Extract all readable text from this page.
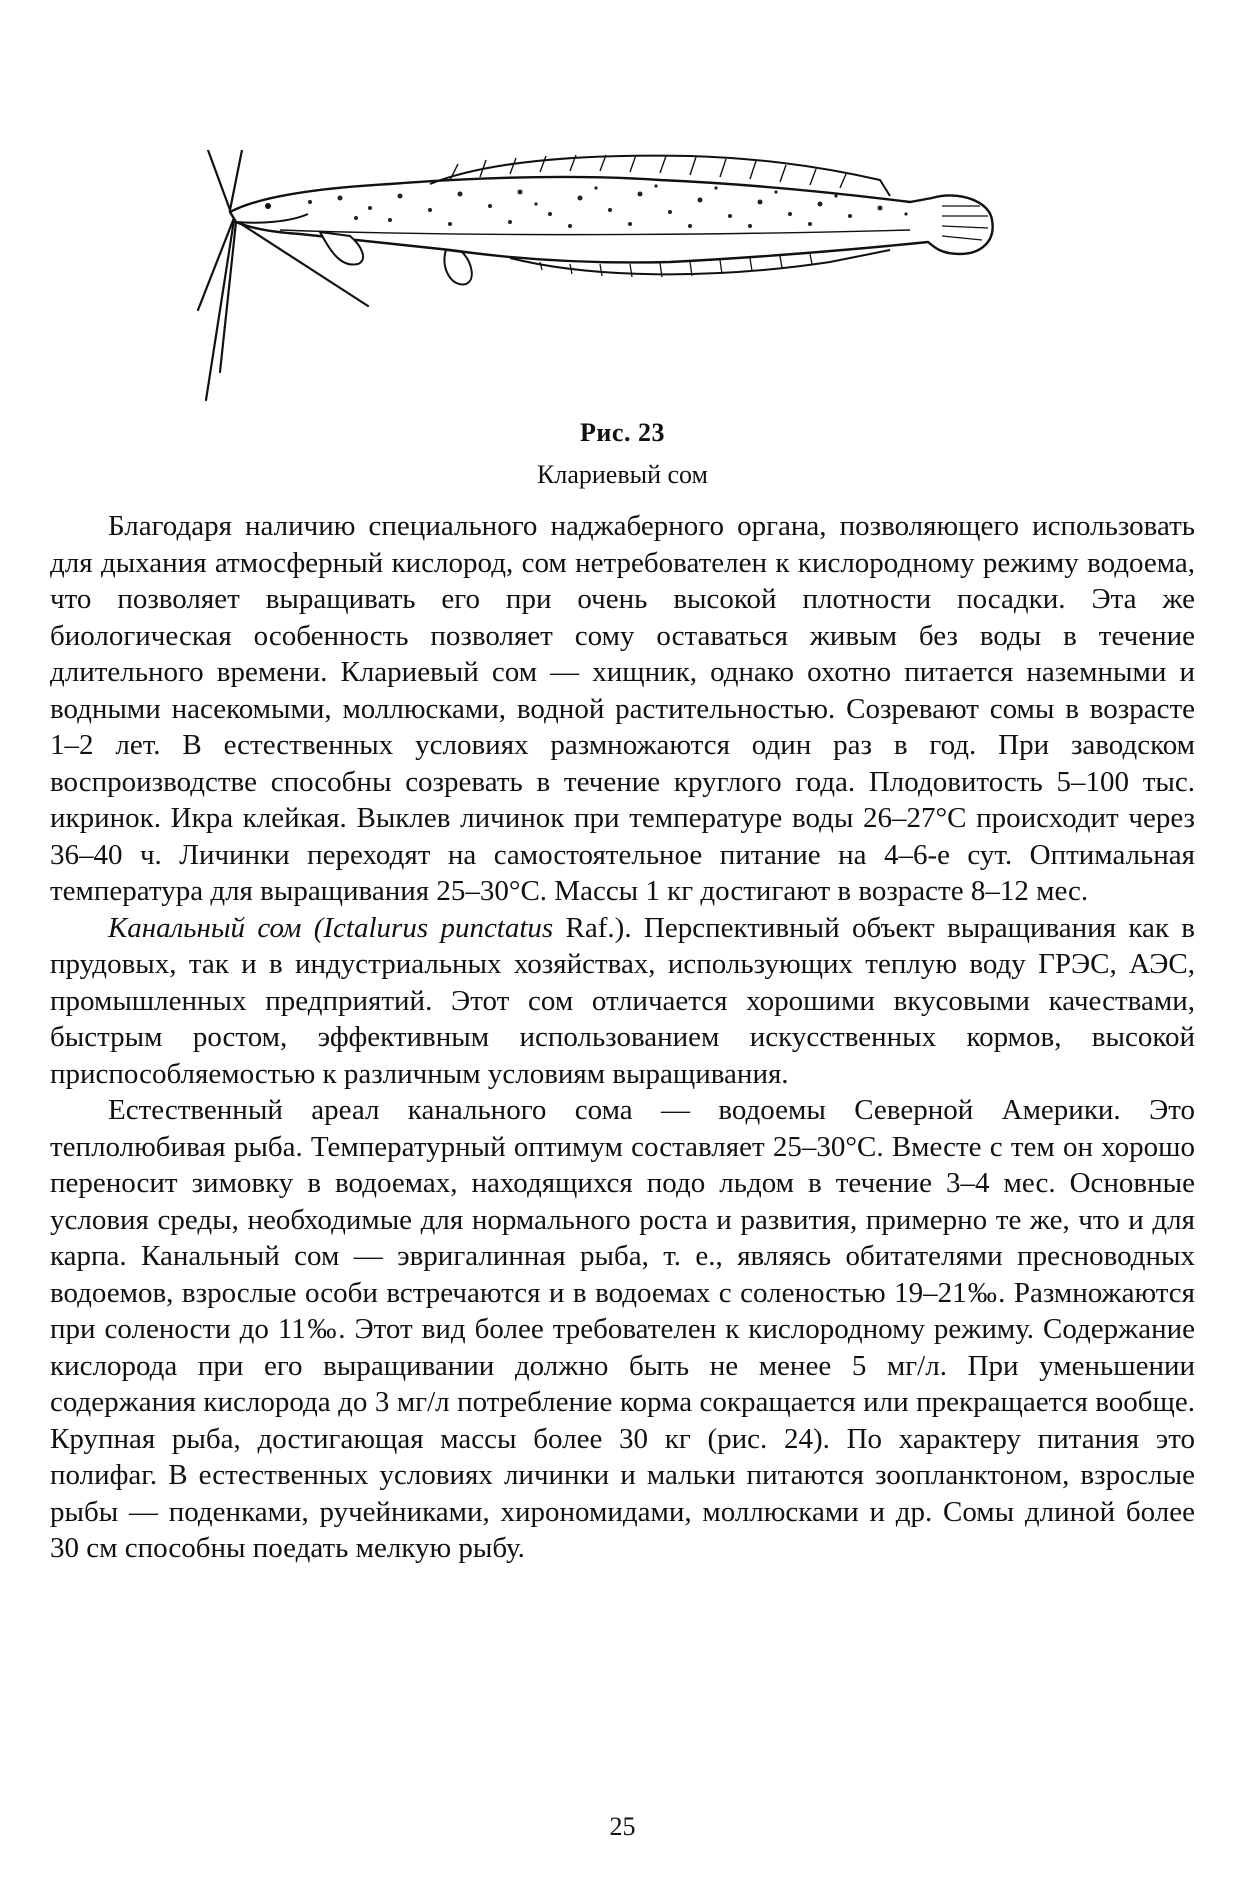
Рис. 23
Клариевый сом

Благодаря наличию специального наджаберного органа, позволяющего использовать для дыхания атмосферный кислород, сом нетребователен к кислородному режиму водоема, что позволяет выращивать его при очень высокой плотности посадки. Эта же биологическая особенность позволяет сому оставаться живым без воды в течение длительного времени. Клариевый сом — хищник, однако охотно питается наземными и водными насекомыми, моллюсками, водной растительностью. Созревают сомы в возрасте 1–2 лет. В естественных условиях размножаются один раз в год. При заводском воспроизводстве способны созревать в течение круглого года. Плодовитость 5–100 тыс. икринок. Икра клейкая. Выклев личинок при температуре воды 26–27°С происходит через 36–40 ч. Личинки переходят на самостоятельное питание на 4–6-е сут. Оптимальная температура для выращивания 25–30°С. Массы 1 кг достигают в возрасте 8–12 мес.

Канальный сом (Ictalurus punctatus Raf.). Перспективный объект выращивания как в прудовых, так и в индустриальных хозяйствах, использующих теплую воду ГРЭС, АЭС, промышленных предприятий. Этот сом отличается хорошими вкусовыми качествами, быстрым ростом, эффективным использованием искусственных кормов, высокой приспособляемостью к различным условиям выращивания.

Естественный ареал канального сома — водоемы Северной Америки. Это теплолюбивая рыба. Температурный оптимум составляет 25–30°С. Вместе с тем он хорошо переносит зимовку в водоемах, находящихся подо льдом в течение 3–4 мес. Основные условия среды, необходимые для нормального роста и развития, примерно те же, что и для карпа. Канальный сом — эвригалинная рыба, т. е., являясь обитателями пресноводных водоемов, взрослые особи встречаются и в водоемах с соленостью 19–21‰. Размножаются при солености до 11‰. Этот вид более требователен к кислородному режиму. Содержание кислорода при его выращивании должно быть не менее 5 мг/л. При уменьшении содержания кислорода до 3 мг/л потребление корма сокращается или прекращается вообще. Крупная рыба, достигающая массы более 30 кг (рис. 24). По характеру питания это полифаг. В естественных условиях личинки и мальки питаются зоопланктоном, взрослые рыбы — поденками, ручейниками, хирономидами, моллюсками и др. Сомы длиной более 30 см способны поедать мелкую рыбу.

25
